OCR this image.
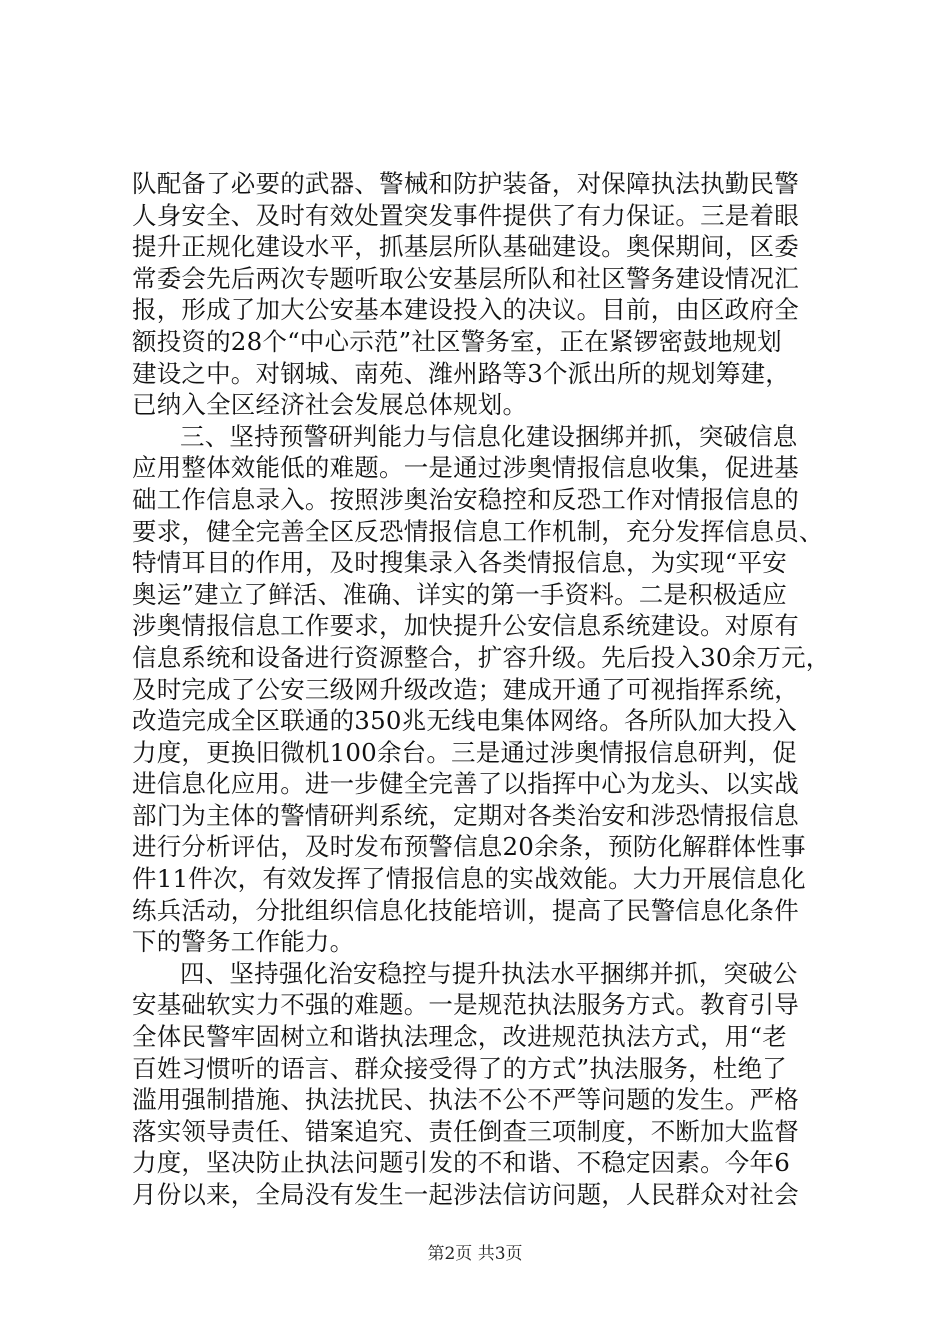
队配备了必要的武器、警械和防护装备，对保障执法执勤民警
人身安全、及时有效处置突发事件提供了有力保证。三是着眼
提升正规化建设水平，抓基层所队基础建设。奥保期间，区委
常委会先后两次专题听取公安基层所队和社区警务建设情况汇
报，形成了加大公安基本建设投入的决议。目前，由区政府全
额投资的28个“中心示范”社区警务室，正在紧锣密鼓地规划
建设之中。对钢城、南苑、潍州路等3个派出所的规划筹建，
已纳入全区经济社会发展总体规划。
三、坚持预警研判能力与信息化建设捆绑并抓，突破信息
应用整体效能低的难题。一是通过涉奥情报信息收集，促进基
础工作信息录入。按照涉奥治安稳控和反恐工作对情报信息的
要求，健全完善全区反恐情报信息工作机制，充分发挥信息员、
特情耳目的作用，及时搜集录入各类情报信息，为实现“平安
奥运”建立了鲜活、准确、详实的第一手资料。二是积极适应
涉奥情报信息工作要求，加快提升公安信息系统建设。对原有
信息系统和设备进行资源整合，扩容升级。先后投入30余万元，
及时完成了公安三级网升级改造；建成开通了可视指挥系统，
改造完成全区联通的350兆无线电集体网络。各所队加大投入
力度，更换旧微机100余台。三是通过涉奥情报信息研判，促
进信息化应用。进一步健全完善了以指挥中心为龙头、以实战
部门为主体的警情研判系统，定期对各类治安和涉恐情报信息
进行分析评估，及时发布预警信息20余条，预防化解群体性事
件11件次，有效发挥了情报信息的实战效能。大力开展信息化
练兵活动，分批组织信息化技能培训，提高了民警信息化条件
下的警务工作能力。
四、坚持强化治安稳控与提升执法水平捆绑并抓，突破公
安基础软实力不强的难题。一是规范执法服务方式。教育引导
全体民警牢固树立和谐执法理念，改进规范执法方式，用“老
百姓习惯听的语言、群众接受得了的方式”执法服务，杜绝了
滥用强制措施、执法扰民、执法不公不严等问题的发生。严格
落实领导责任、错案追究、责任倒查三项制度，不断加大监督
力度，坚决防止执法问题引发的不和谐、不稳定因素。今年6
月份以来，全局没有发生一起涉法信访问题，人民群众对社会
第2页 共3页
